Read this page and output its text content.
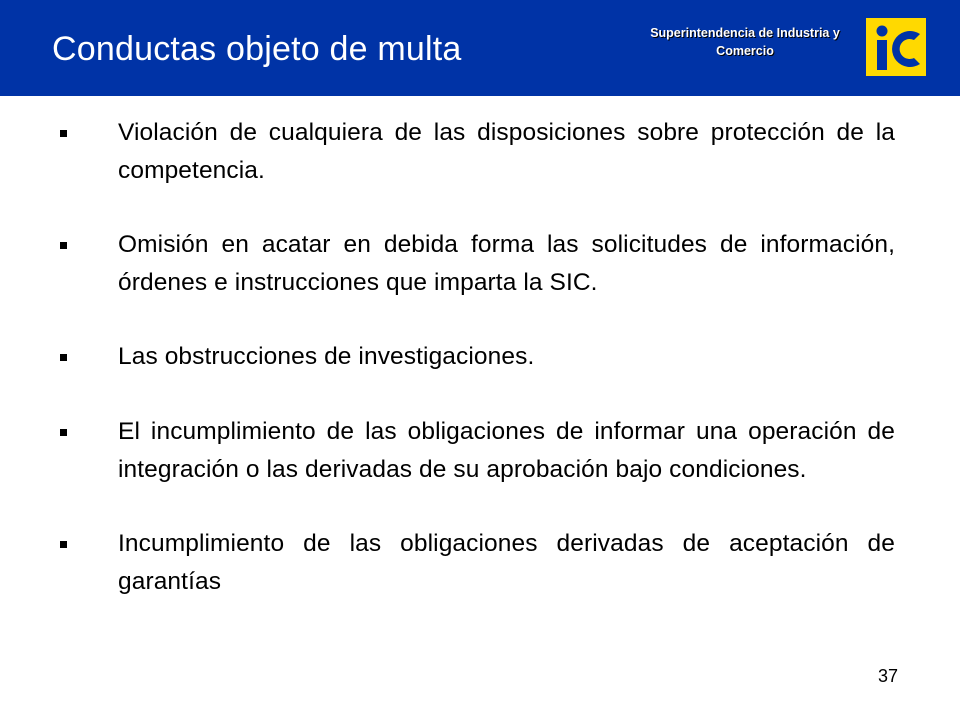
Conductas objeto de multa	Superintendencia de Industria y
Comercio
Violación de cualquiera de las disposiciones sobre protección de la competencia.
Omisión en acatar en debida forma las solicitudes de información, órdenes e instrucciones que imparta la SIC.
Las obstrucciones de investigaciones.
El incumplimiento de las obligaciones de informar una operación de integración o las derivadas de su aprobación bajo condiciones.
Incumplimiento de las obligaciones derivadas de aceptación de garantías
37
